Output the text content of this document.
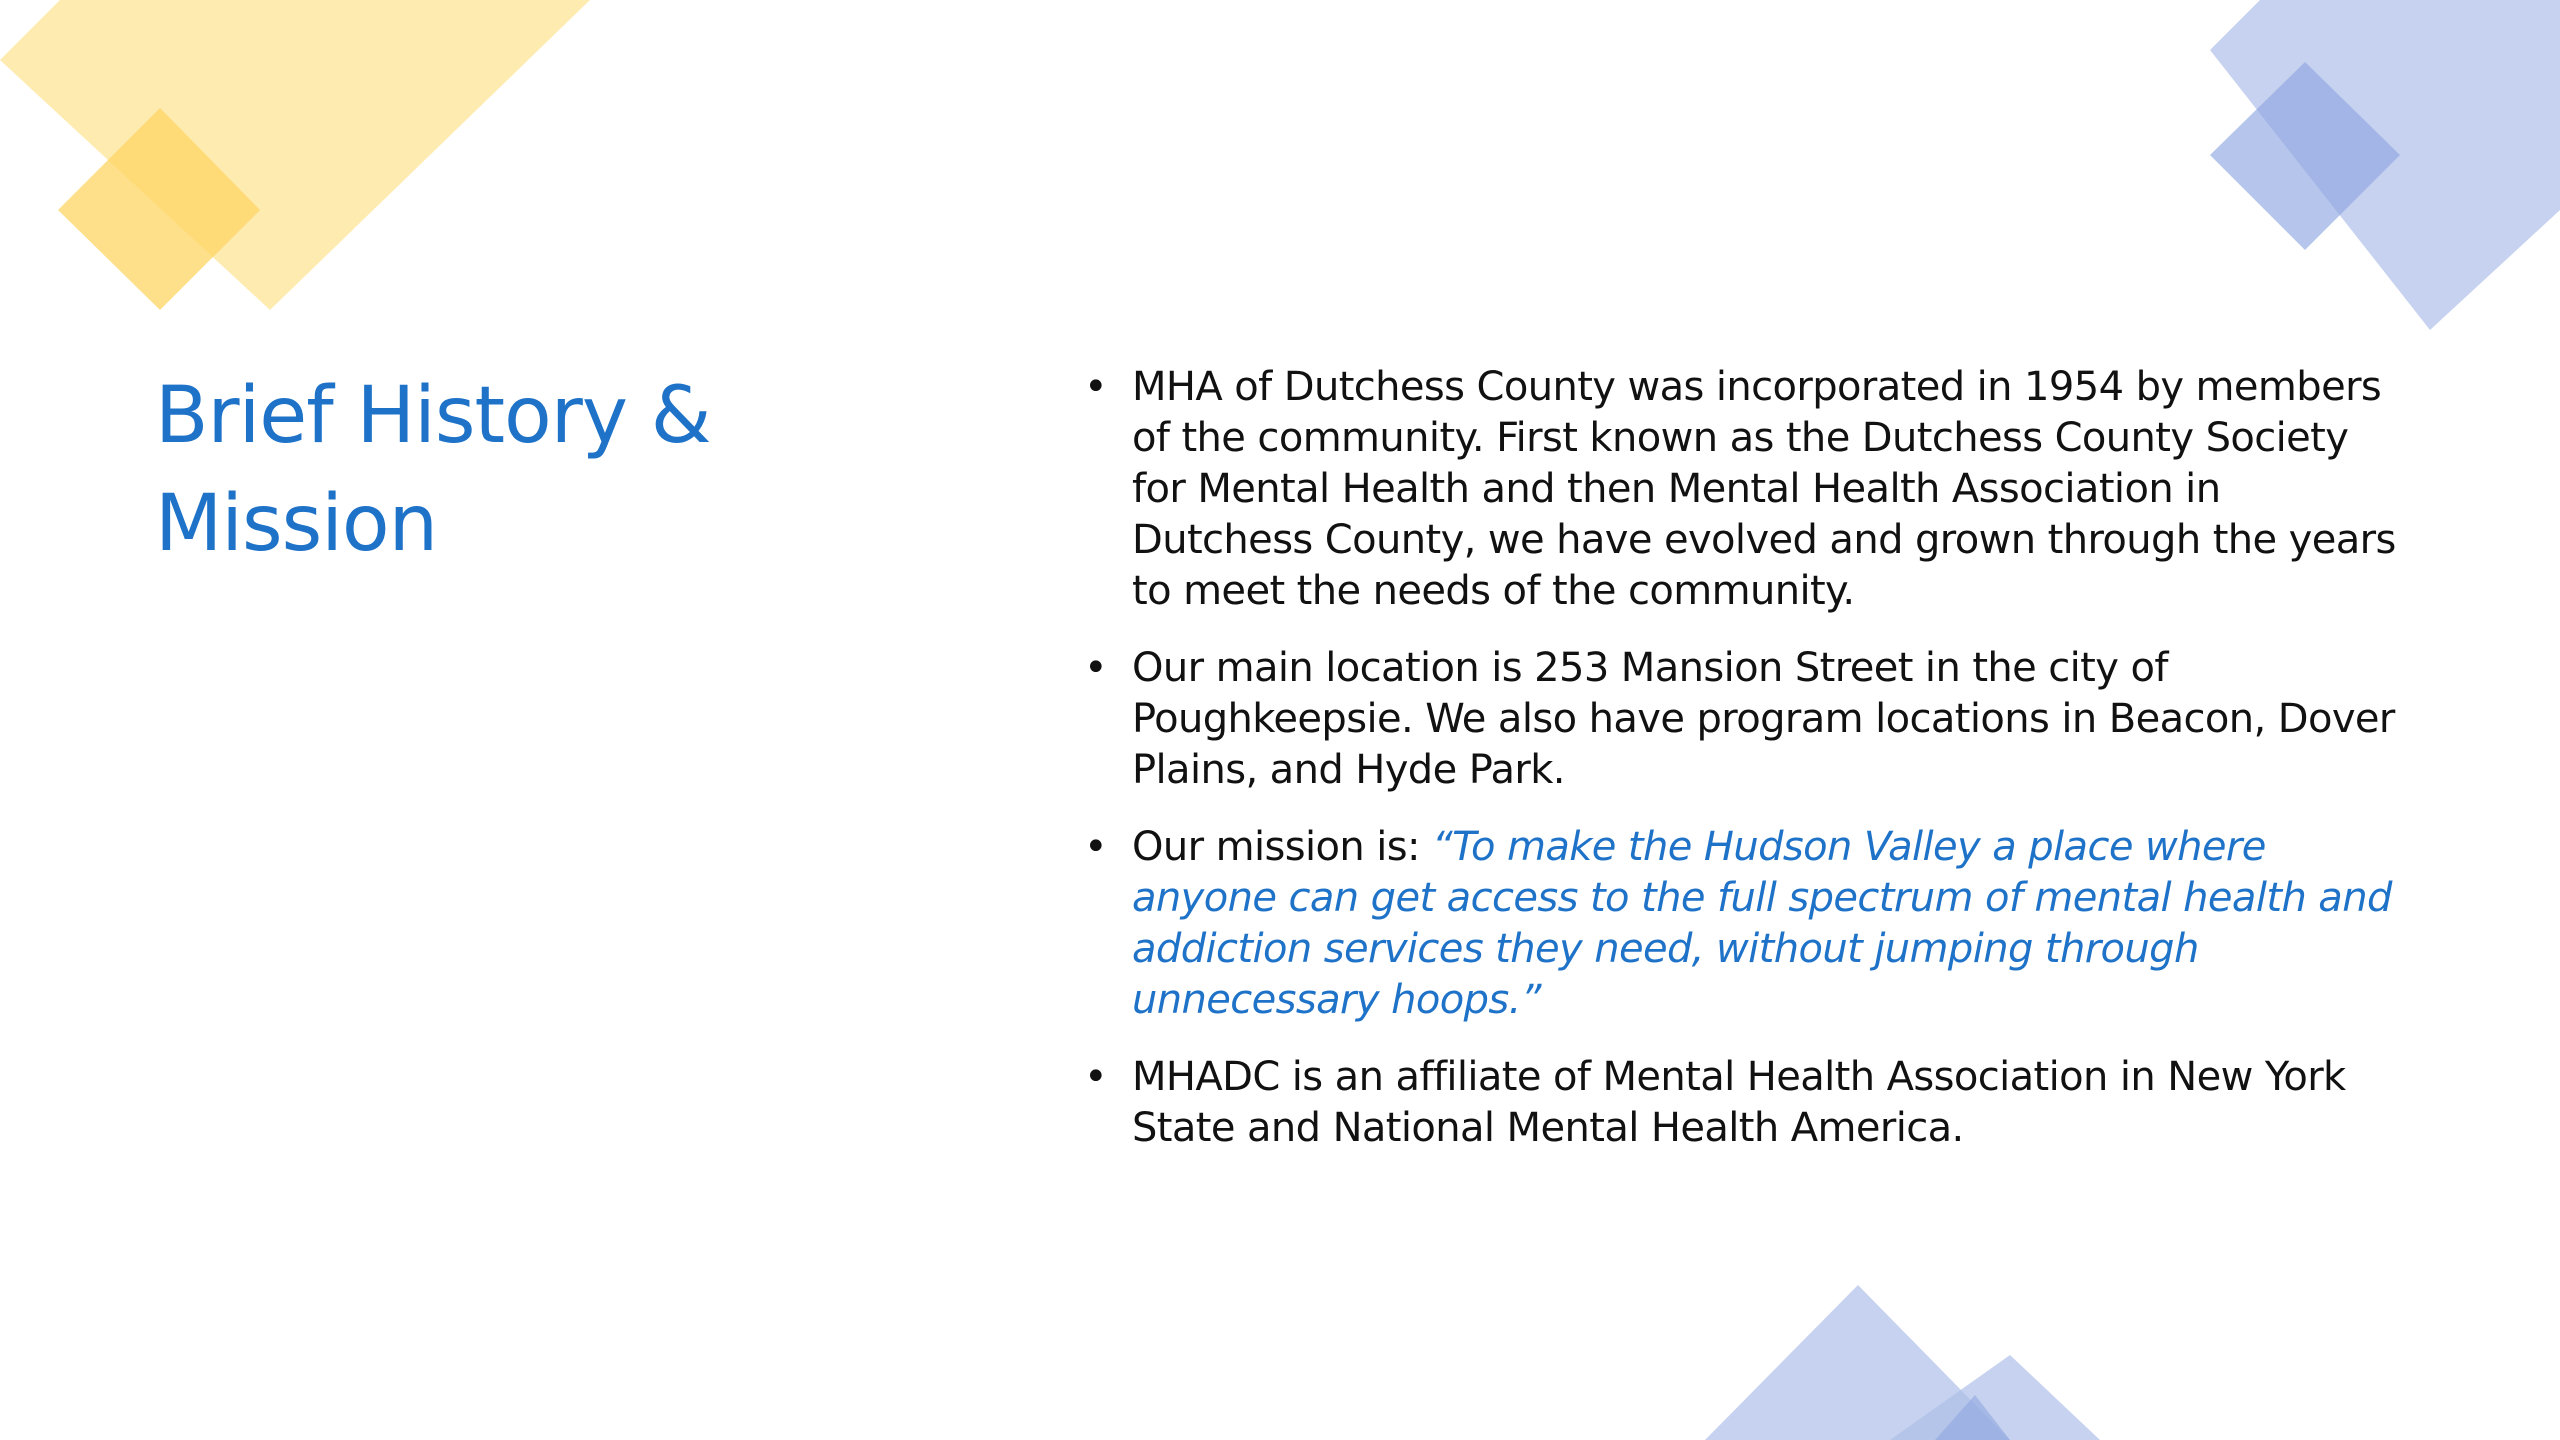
Brief History &
Mission
• MHA of Dutchess County was incorporated in 1954 by members of the community. First known as the Dutchess County Society for Mental Health and then Mental Health Association in Dutchess County, we have evolved and grown through the years to meet the needs of the community.
• Our main location is 253 Mansion Street in the city of Poughkeepsie. We also have program locations in Beacon, Dover Plains, and Hyde Park.
• Our mission is: “To make the Hudson Valley a place where anyone can get access to the full spectrum of mental health and addiction services they need, without jumping through unnecessary hoops.”
• MHADC is an affiliate of Mental Health Association in New York State and National Mental Health America.
